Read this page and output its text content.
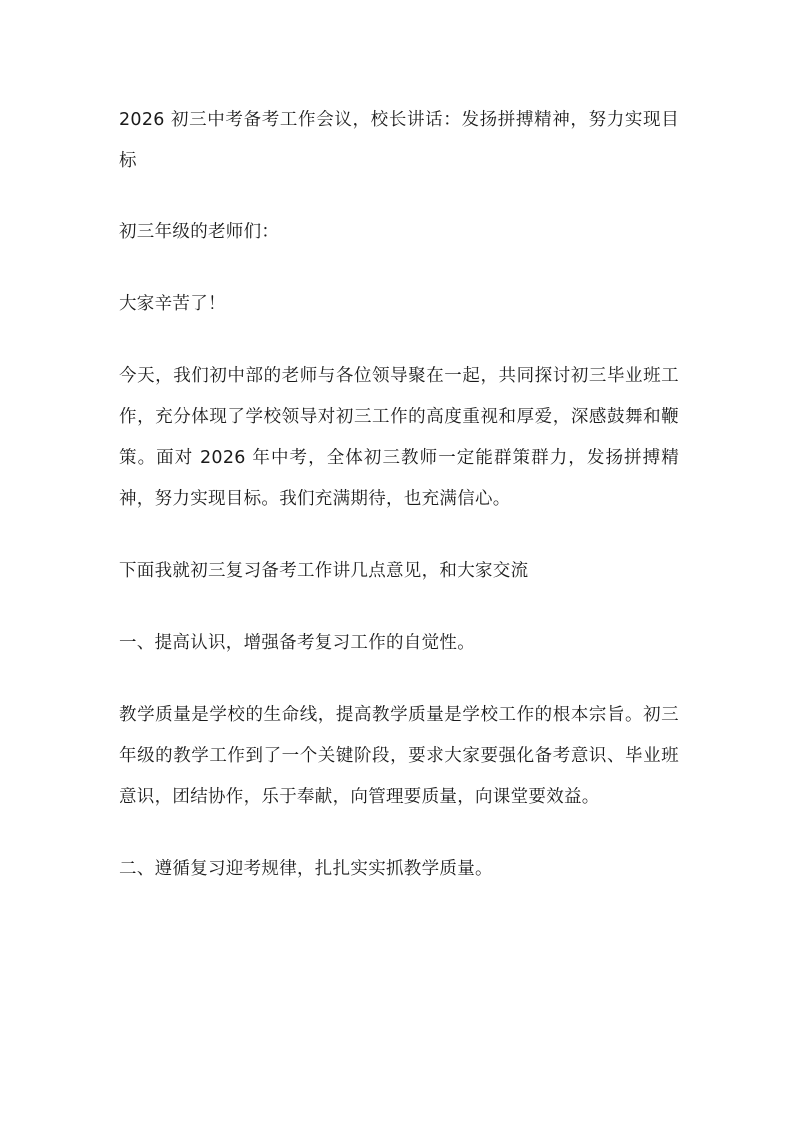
2026 初三中考备考工作会议，校长讲话：发扬拼搏精神，努力实现目标

初三年级的老师们：

大家辛苦了！

今天，我们初中部的老师与各位领导聚在一起，共同探讨初三毕业班工作，充分体现了学校领导对初三工作的高度重视和厚爱，深感鼓舞和鞭策。面对 2026 年中考，全体初三教师一定能群策群力，发扬拼搏精神，努力实现目标。我们充满期待，也充满信心。

下面我就初三复习备考工作讲几点意见，和大家交流

一、提高认识，增强备考复习工作的自觉性。

教学质量是学校的生命线，提高教学质量是学校工作的根本宗旨。初三年级的教学工作到了一个关键阶段，要求大家要强化备考意识、毕业班意识，团结协作，乐于奉献，向管理要质量，向课堂要效益。

二、遵循复习迎考规律，扎扎实实抓教学质量。
